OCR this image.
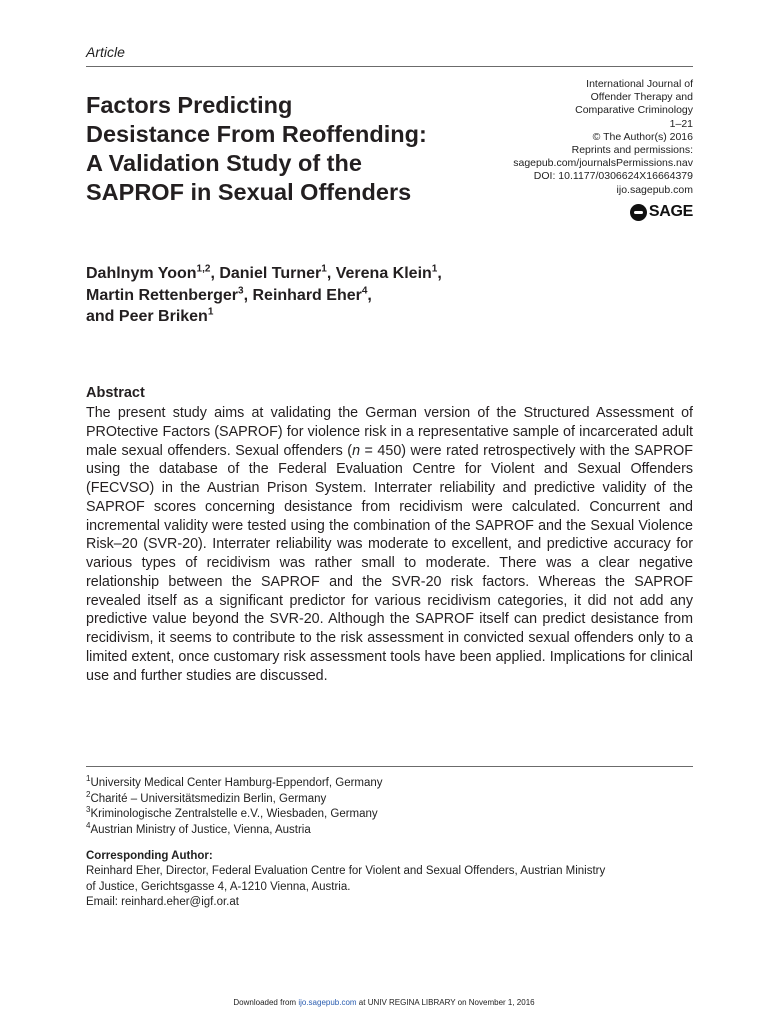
Article
Factors Predicting
Desistance From Reoffending:
A Validation Study of the
SAPROF in Sexual Offenders
International Journal of
Offender Therapy and
Comparative Criminology
1–21
© The Author(s) 2016
Reprints and permissions:
sagepub.com/journalsPermissions.nav
DOI: 10.1177/0306624X16664379
ijo.sagepub.com
SAGE
Dahlnym Yoon$^{1,2}$, Daniel Turner$^1$, Verena Klein$^1$,
Martin Rettenberger$^3$, Reinhard Eher$^4$,
and Peer Briken$^1$
Abstract
The present study aims at validating the German version of the Structured Assessment of PROtective Factors (SAPROF) for violence risk in a representative sample of incarcerated adult male sexual offenders. Sexual offenders (n = 450) were rated retrospectively with the SAPROF using the database of the Federal Evaluation Centre for Violent and Sexual Offenders (FECVSO) in the Austrian Prison System. Interrater reliability and predictive validity of the SAPROF scores concerning desistance from recidivism were calculated. Concurrent and incremental validity were tested using the combination of the SAPROF and the Sexual Violence Risk–20 (SVR-20). Interrater reliability was moderate to excellent, and predictive accuracy for various types of recidivism was rather small to moderate. There was a clear negative relationship between the SAPROF and the SVR-20 risk factors. Whereas the SAPROF revealed itself as a significant predictor for various recidivism categories, it did not add any predictive value beyond the SVR-20. Although the SAPROF itself can predict desistance from recidivism, it seems to contribute to the risk assessment in convicted sexual offenders only to a limited extent, once customary risk assessment tools have been applied. Implications for clinical use and further studies are discussed.
$^1$University Medical Center Hamburg-Eppendorf, Germany
$^2$Charité – Universitätsmedizin Berlin, Germany
$^3$Kriminologische Zentralstelle e.V., Wiesbaden, Germany
$^4$Austrian Ministry of Justice, Vienna, Austria
Corresponding Author:
Reinhard Eher, Director, Federal Evaluation Centre for Violent and Sexual Offenders, Austrian Ministry
of Justice, Gerichtsgasse 4, A-1210 Vienna, Austria.
Email: reinhard.eher@igf.or.at
Downloaded from ijo.sagepub.com at UNIV REGINA LIBRARY on November 1, 2016
